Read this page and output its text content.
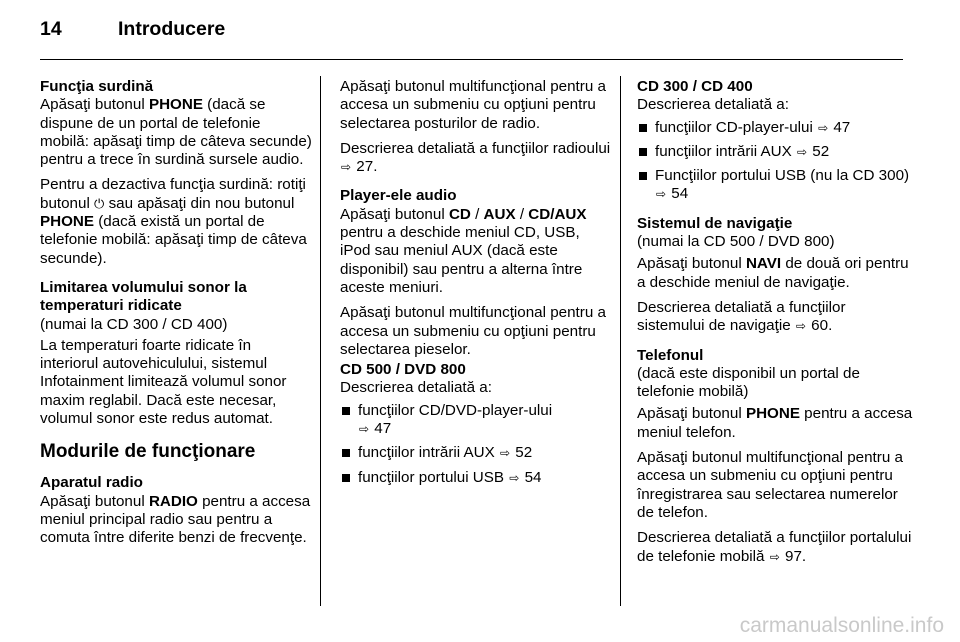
14	Introducere

Funcţia surdină

Apăsaţi butonul PHONE (dacă se dispune de un portal de telefonie mobilă: apăsaţi timp de câteva secunde) pentru a trece în surdină sursele audio.

Pentru a dezactiva funcţia surdină: rotiţi butonul ⏻ sau apăsaţi din nou butonul PHONE (dacă există un portal de telefonie mobilă: apăsaţi timp de câteva secunde).

Limitarea volumului sonor la temperaturi ridicate

(numai la CD 300 / CD 400)

La temperaturi foarte ridicate în interiorul autovehiculului, sistemul Infotainment limitează volumul sonor maxim reglabil. Dacă este necesar, volumul sonor este redus automat.

Modurile de funcţionare

Aparatul radio

Apăsaţi butonul RADIO pentru a accesa meniul principal radio sau pentru a comuta între diferite benzi de frecvenţe.

Apăsaţi butonul multifuncţional pentru a accesa un submeniu cu opţiuni pentru selectarea posturilor de radio.

Descrierea detaliată a funcţiilor radioului ⇨ 27.

Player-ele audio

Apăsaţi butonul CD / AUX / CD/AUX pentru a deschide meniul CD, USB, iPod sau meniul AUX (dacă este disponibil) sau pentru a alterna între aceste meniuri.

Apăsaţi butonul multifuncţional pentru a accesa un submeniu cu opţiuni pentru selectarea pieselor.

CD 500 / DVD 800

Descrierea detaliată a:

funcţiilor CD/DVD-player-ului
⇨ 47
funcţiilor intrării AUX ⇨ 52
funcţiilor portului USB ⇨ 54

CD 300 / CD 400

Descrierea detaliată a:

funcţiilor CD-player-ului ⇨ 47
funcţiilor intrării AUX ⇨ 52
Funcţiilor portului USB (nu la CD 300) ⇨ 54

Sistemul de navigaţie

(numai la CD 500 / DVD 800)

Apăsaţi butonul NAVI de două ori pentru a deschide meniul de navigaţie.

Descrierea detaliată a funcţiilor sistemului de navigaţie ⇨ 60.

Telefonul

(dacă este disponibil un portal de telefonie mobilă)

Apăsaţi butonul PHONE pentru a accesa meniul telefon.

Apăsaţi butonul multifuncţional pentru a accesa un submeniu cu opţiuni pentru înregistrarea sau selectarea numerelor de telefon.

Descrierea detaliată a funcţiilor portalului de telefonie mobilă ⇨ 97.

carmanualsonline.info
